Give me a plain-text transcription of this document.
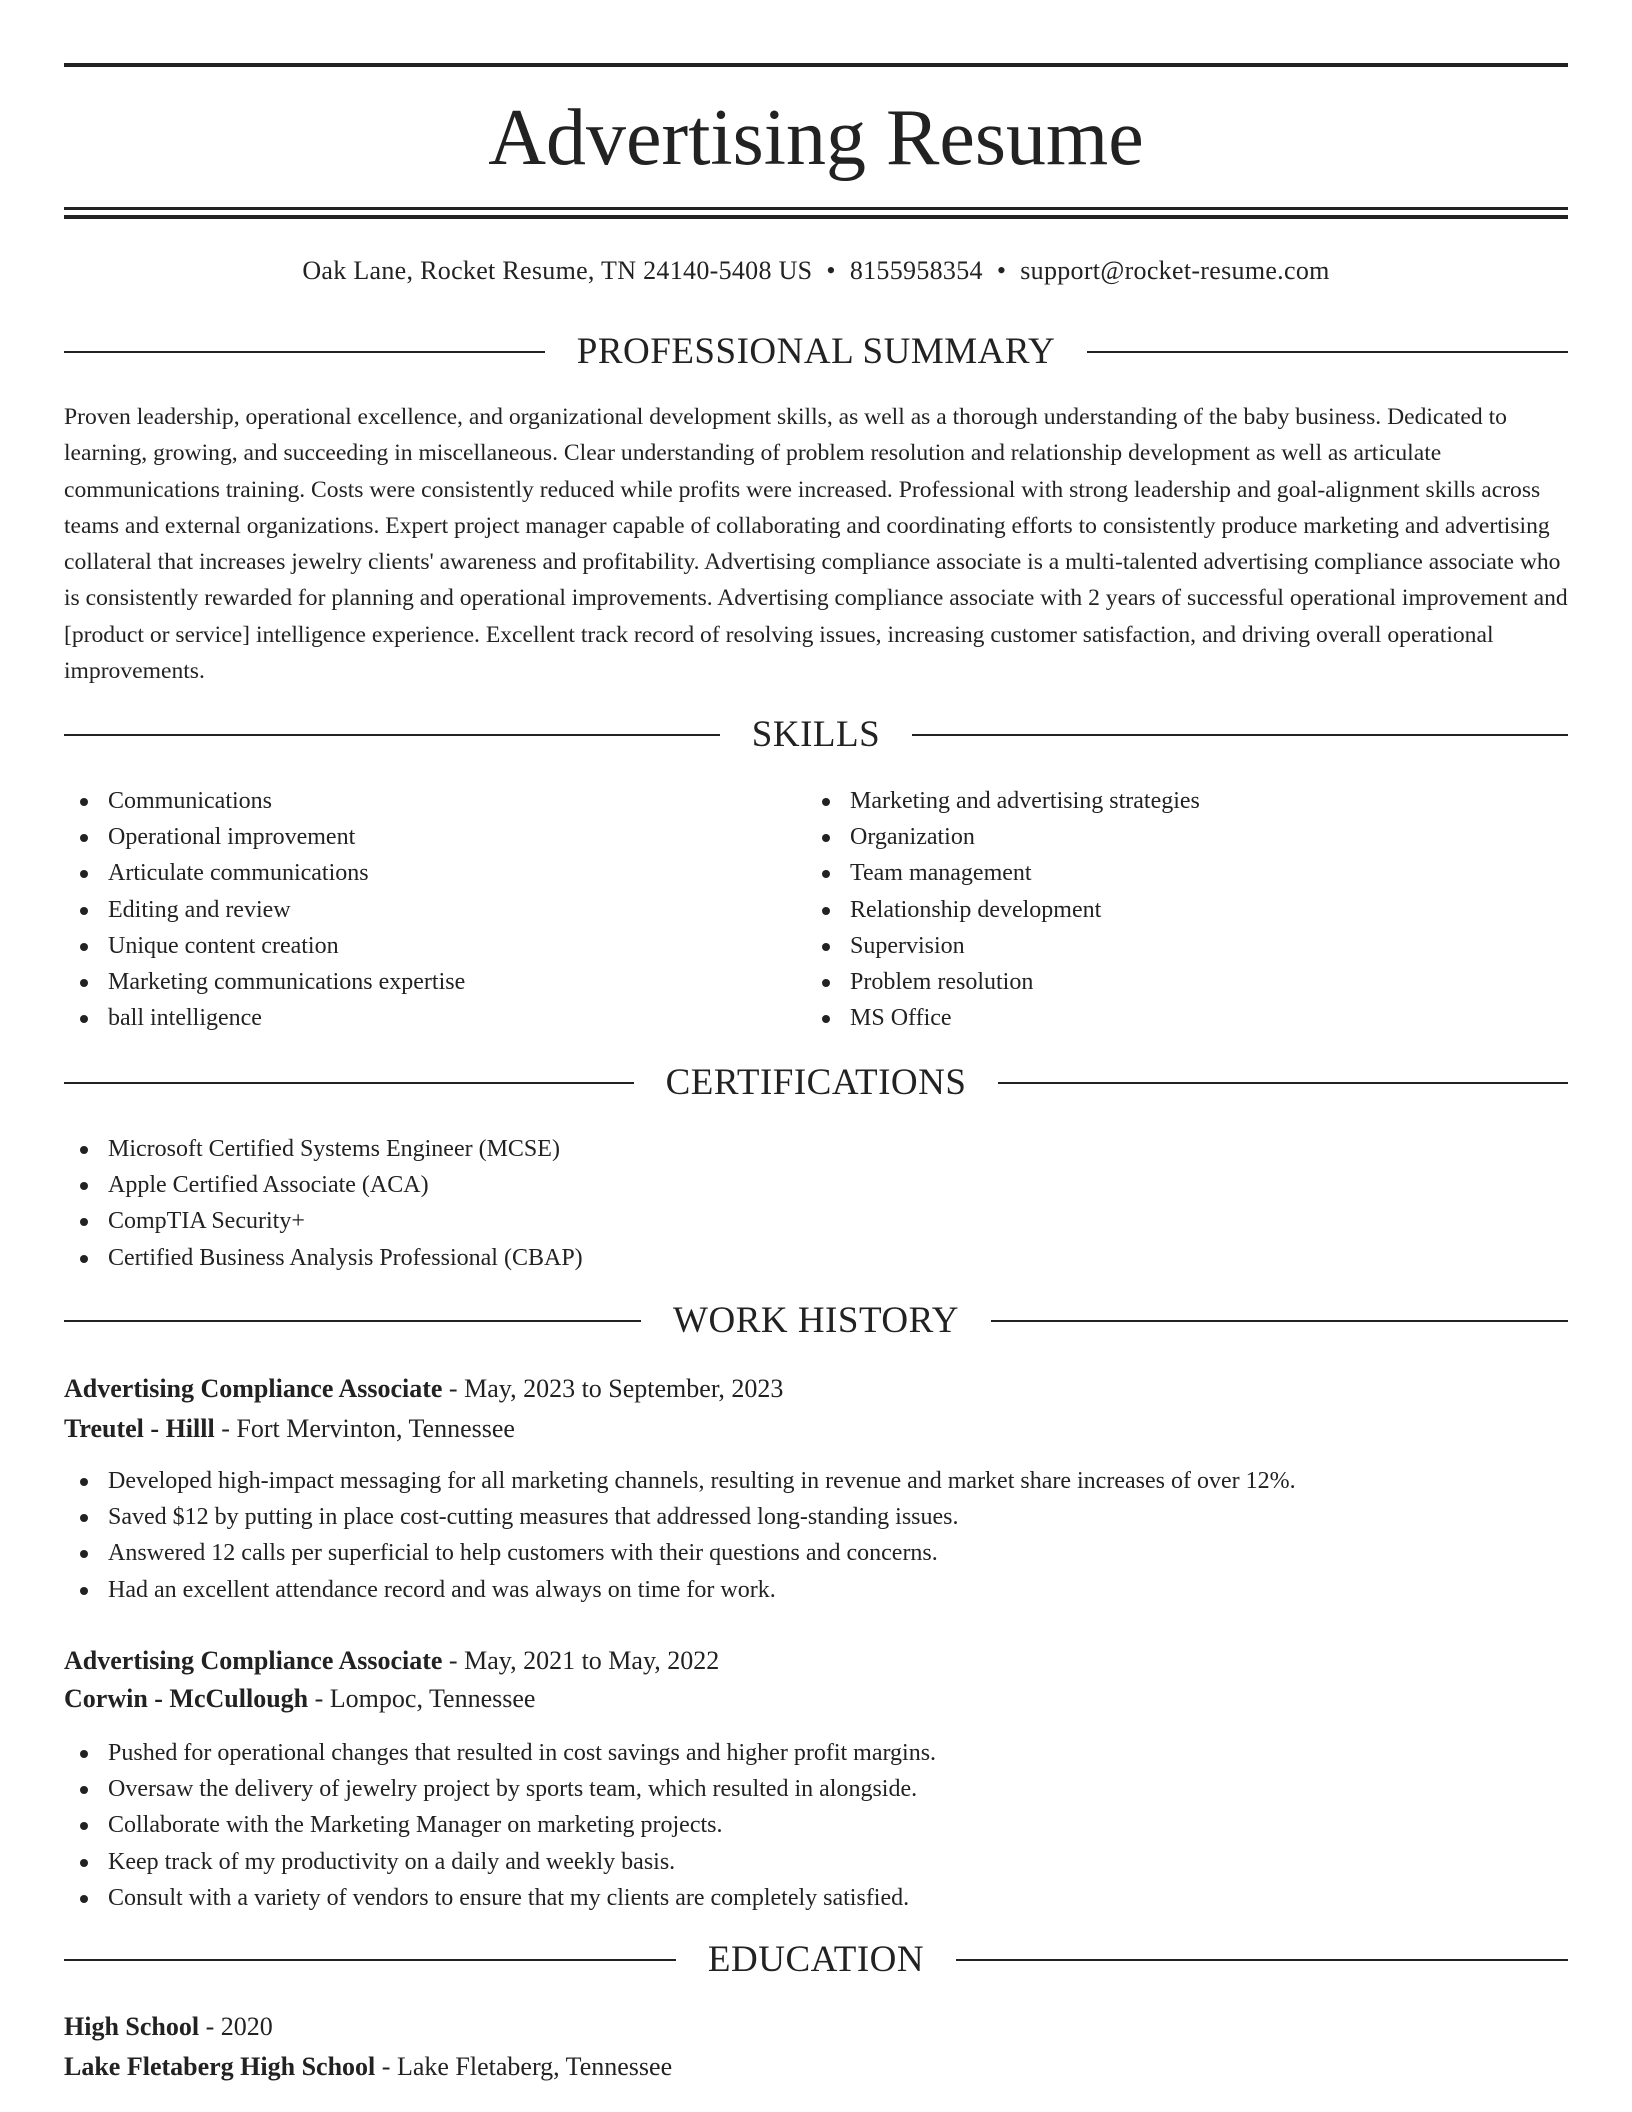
Advertising Resume
Oak Lane, Rocket Resume, TN 24140-5408 US • 8155958354 • support@rocket-resume.com
PROFESSIONAL SUMMARY

Proven leadership, operational excellence, and organizational development skills, as well as a thorough understanding of the baby business. Dedicated to learning, growing, and succeeding in miscellaneous. Clear understanding of problem resolution and relationship development as well as articulate communications training. Costs were consistently reduced while profits were increased. Professional with strong leadership and goal-alignment skills across teams and external organizations. Expert project manager capable of collaborating and coordinating efforts to consistently produce marketing and advertising collateral that increases jewelry clients' awareness and profitability. Advertising compliance associate is a multi-talented advertising compliance associate who is consistently rewarded for planning and operational improvements. Advertising compliance associate with 2 years of successful operational improvement and [product or service] intelligence experience. Excellent track record of resolving issues, increasing customer satisfaction, and driving overall operational improvements.

SKILLS
Communications
Operational improvement
Articulate communications
Editing and review
Unique content creation
Marketing communications expertise
ball intelligence
Marketing and advertising strategies
Organization
Team management
Relationship development
Supervision
Problem resolution
MS Office
CERTIFICATIONS
Microsoft Certified Systems Engineer (MCSE)
Apple Certified Associate (ACA)
CompTIA Security+
Certified Business Analysis Professional (CBAP)
WORK HISTORY
Advertising Compliance Associate - May, 2023 to September, 2023
Treutel - Hilll - Fort Mervinton, Tennessee
Developed high-impact messaging for all marketing channels, resulting in revenue and market share increases of over 12%.
Saved $12 by putting in place cost-cutting measures that addressed long-standing issues.
Answered 12 calls per superficial to help customers with their questions and concerns.
Had an excellent attendance record and was always on time for work.
Advertising Compliance Associate - May, 2021 to May, 2022
Corwin - McCullough - Lompoc, Tennessee
Pushed for operational changes that resulted in cost savings and higher profit margins.
Oversaw the delivery of jewelry project by sports team, which resulted in alongside.
Collaborate with the Marketing Manager on marketing projects.
Keep track of my productivity on a daily and weekly basis.
Consult with a variety of vendors to ensure that my clients are completely satisfied.
EDUCATION
High School - 2020
Lake Fletaberg High School - Lake Fletaberg, Tennessee
